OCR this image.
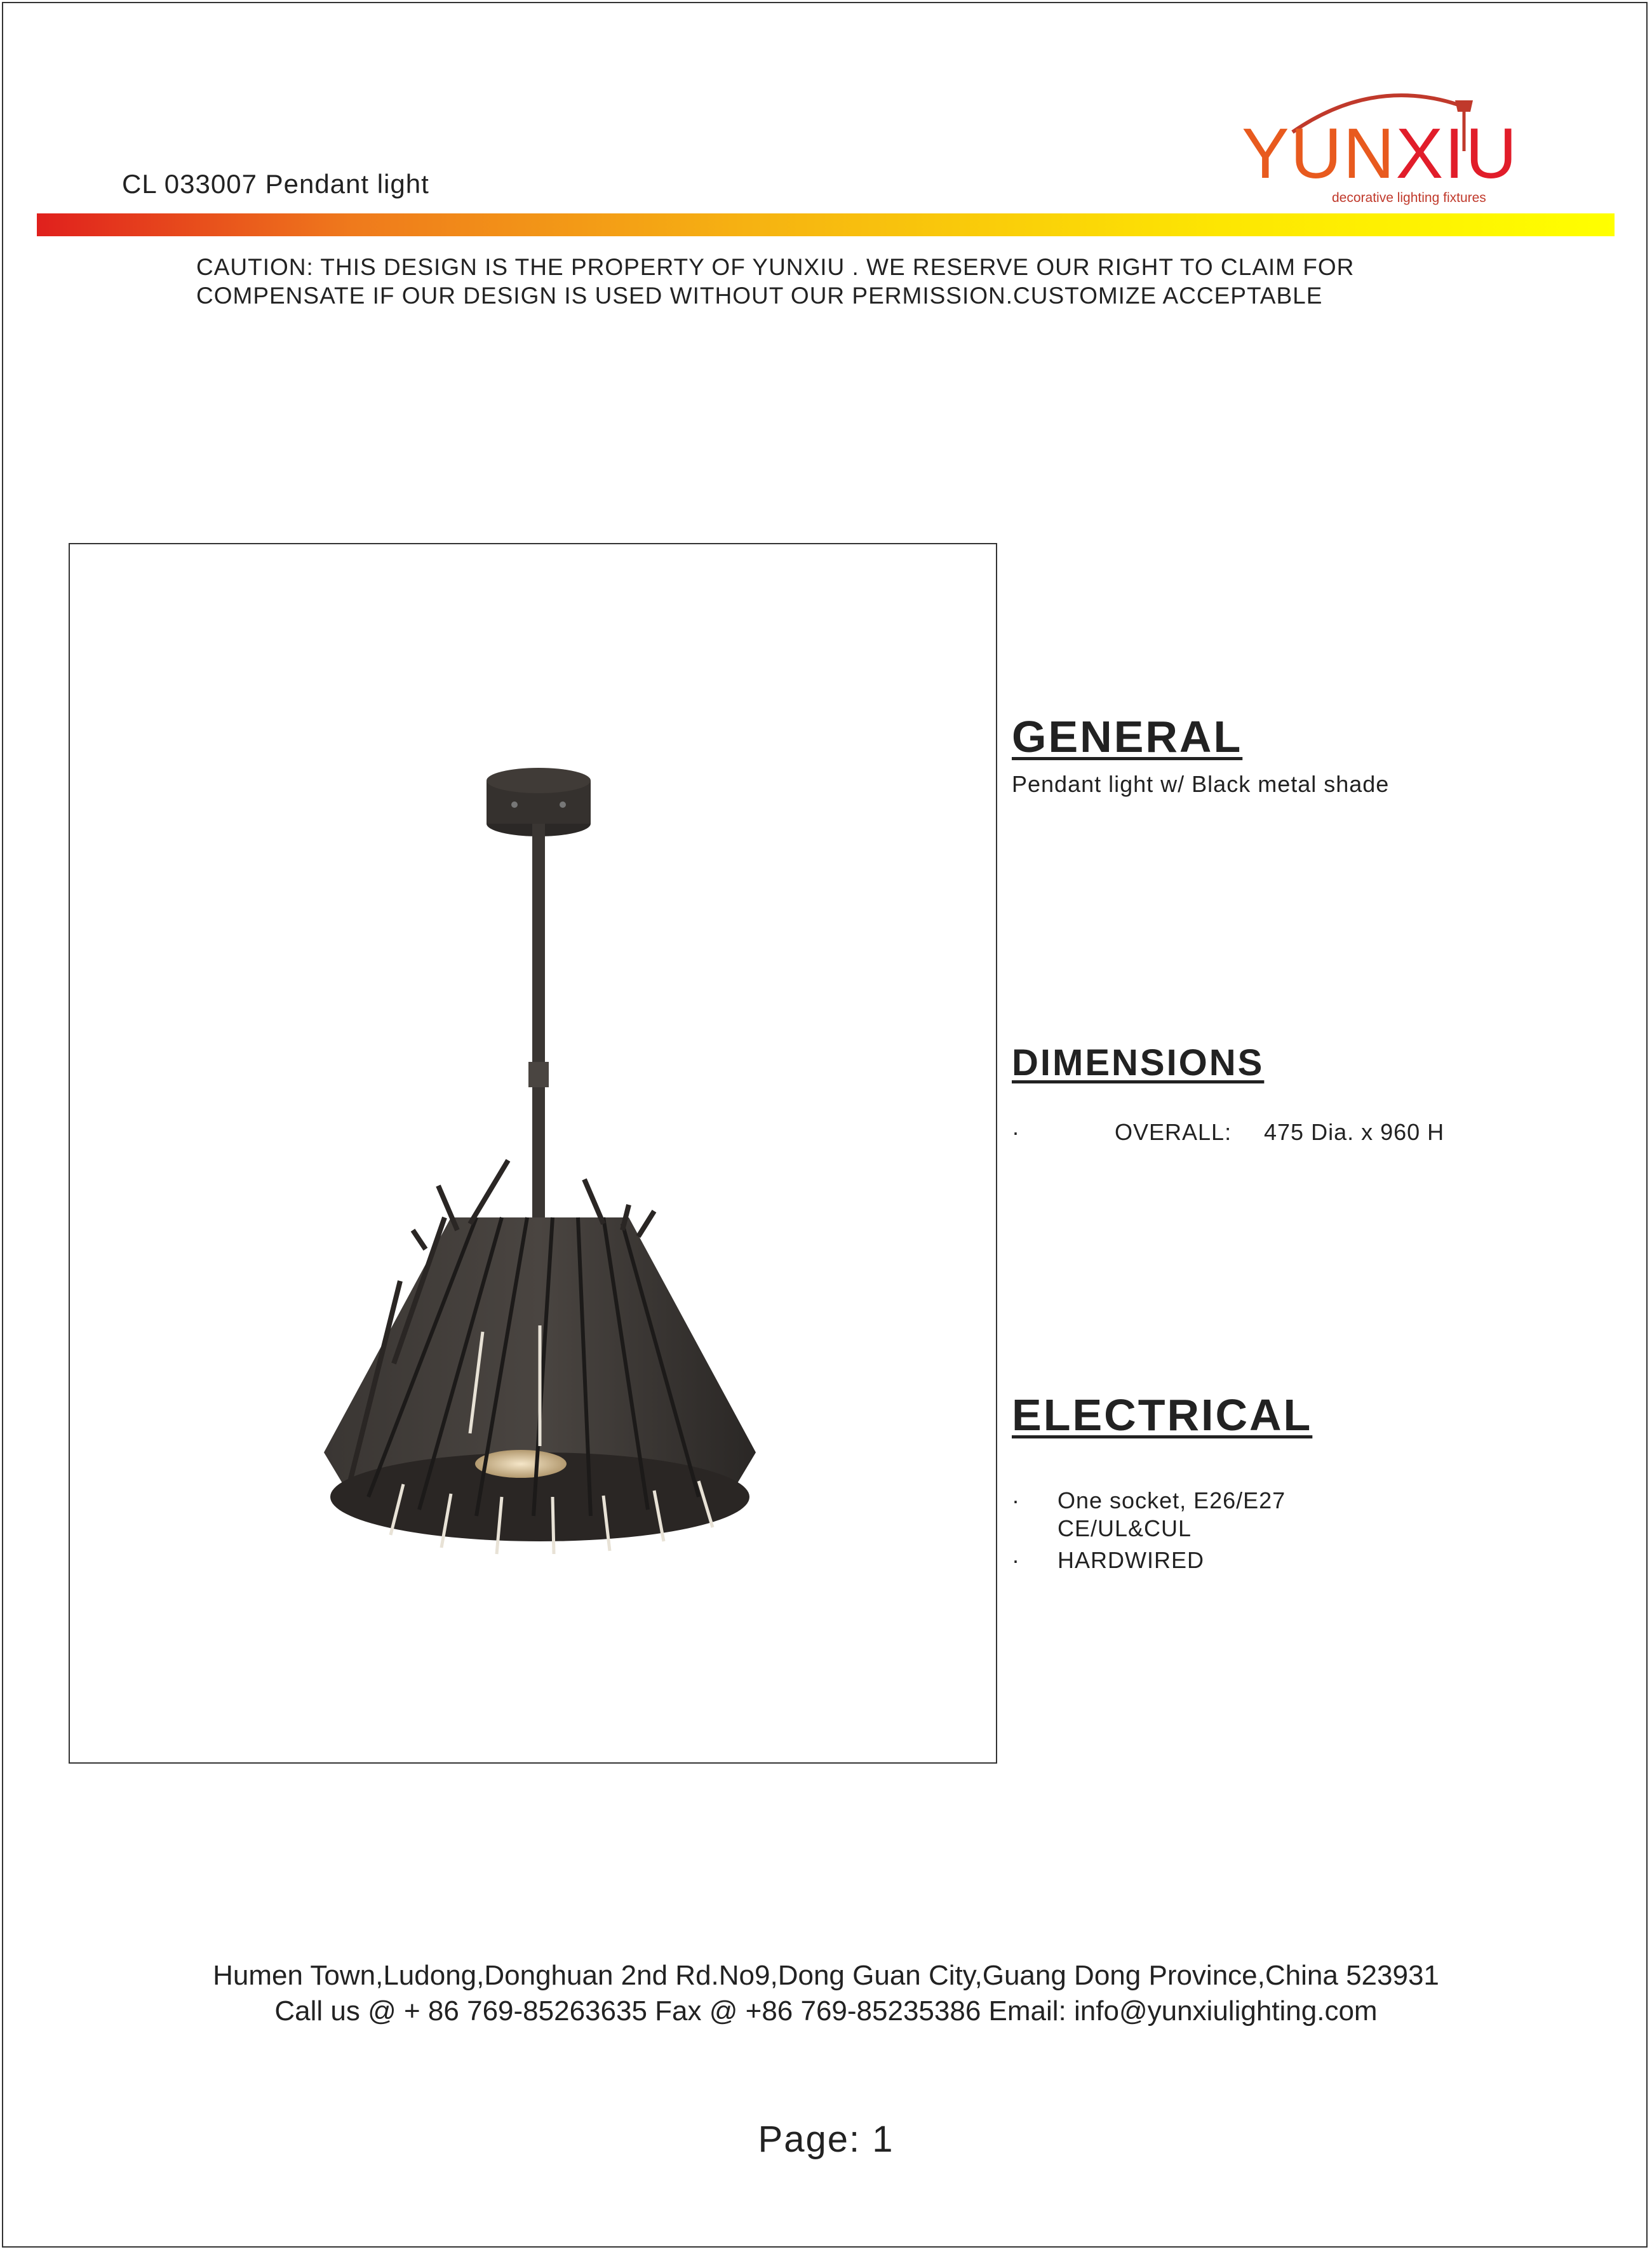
CL 033007 Pendant light	YUNXIU
decorative lighting fixtures
CAUTION: THIS DESIGN IS THE PROPERTY OF YUNXIU . WE RESERVE OUR RIGHT TO CLAIM FOR
COMPENSATE IF OUR DESIGN IS USED WITHOUT OUR PERMISSION.CUSTOMIZE ACCEPTABLE
GENERAL
Pendant light w/ Black metal shade
DIMENSIONS
·	OVERALL: 475 Dia. x 960 H
ELECTRICAL
· One socket, E26/E27
CE/UL&CUL
· HARDWIRED
Humen Town,Ludong,Donghuan 2nd Rd.No9,Dong Guan City,Guang Dong Province,China 523931
Call us @ + 86 769-85263635 Fax @ +86 769-85235386 Email: info@yunxiulighting.com
Page: 1
